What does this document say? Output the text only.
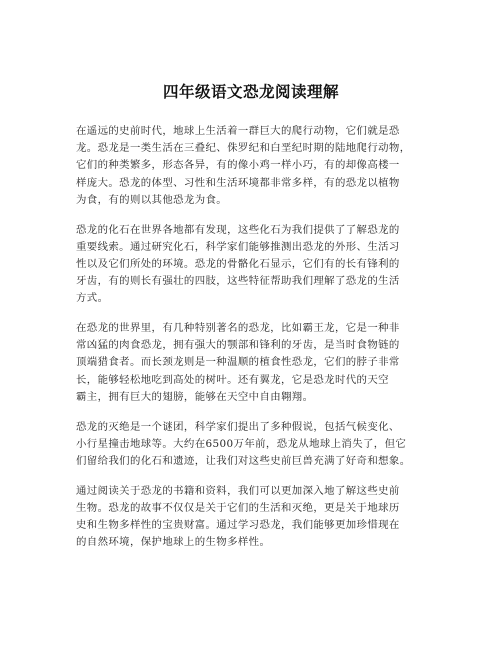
四年级语文恐龙阅读理解

在遥远的史前时代，地球上生活着一群巨大的爬行动物，它们就是恐
龙。恐龙是一类生活在三叠纪、侏罗纪和白垩纪时期的陆地爬行动物，
它们的种类繁多，形态各异，有的像小鸡一样小巧，有的却像高楼一
样庞大。恐龙的体型、习性和生活环境都非常多样，有的恐龙以植物
为食，有的则以其他恐龙为食。

恐龙的化石在世界各地都有发现，这些化石为我们提供了了解恐龙的
重要线索。通过研究化石，科学家们能够推测出恐龙的外形、生活习
性以及它们所处的环境。恐龙的骨骼化石显示，它们有的长有锋利的
牙齿，有的则长有强壮的四肢，这些特征帮助我们理解了恐龙的生活
方式。

在恐龙的世界里，有几种特别著名的恐龙，比如霸王龙，它是一种非
常凶猛的肉食恐龙，拥有强大的颚部和锋利的牙齿，是当时食物链的
顶端猎食者。而长颈龙则是一种温顺的植食性恐龙，它们的脖子非常
长，能够轻松地吃到高处的树叶。还有翼龙，它是恐龙时代的天空
霸主，拥有巨大的翅膀，能够在天空中自由翱翔。

恐龙的灭绝是一个谜团，科学家们提出了多种假说，包括气候变化、
小行星撞击地球等。大约在6500万年前，恐龙从地球上消失了，但它
们留给我们的化石和遗迹，让我们对这些史前巨兽充满了好奇和想象。

通过阅读关于恐龙的书籍和资料，我们可以更加深入地了解这些史前
生物。恐龙的故事不仅仅是关于它们的生活和灭绝，更是关于地球历
史和生物多样性的宝贵财富。通过学习恐龙，我们能够更加珍惜现在
的自然环境，保护地球上的生物多样性。
